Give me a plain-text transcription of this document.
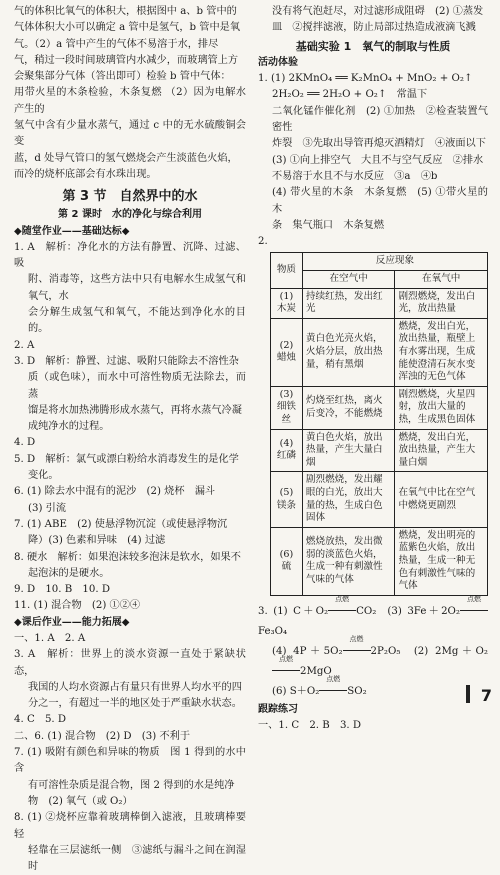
气的体积比氧气的体积大，根据图中 a、b 管中的

气体体积大小可以确定 a 管中是氢气，b 管中是氧

气。（2）a 管中产生的气体不易溶于水，排尽

气，稍过一段时间玻璃管内水减少，而玻璃管上方

会聚集部分气体（答出即可）检验 b 管中气体：

用带火星的木条检验，木条复燃 （2）因为电解水产生的

氢气中含有少量水蒸气，通过 c 中的无水硫酸铜会变

蓝，d 处导气管口的氢气燃烧会产生淡蓝色火焰，

而冷的烧杯底部会有水珠出现。

第 3 节　自然界中的水
第 2 课时　水的净化与综合利用
◆随堂作业——基础达标◆

1. A　解析：净化水的方法有静置、沉降、过滤、吸

附、消毒等，这些方法中只有电解水生成氢气和氧气，水

会分解生成氢气和氧气，不能达到净化水的目的。

2. A

3. D　解析：静置、过滤、吸附只能除去不溶性杂

质（或色味），而水中可溶性物质无法除去，而蒸

馏是将水加热沸腾形成水蒸气，再将水蒸气冷凝

成纯净水的过程。

4. D

5. D　解析：氯气或漂白粉给水消毒发生的是化学

变化。

6. (1) 除去水中混有的泥沙　(2) 烧杯　漏斗

(3) 引流

7. (1) ABE　(2) 使悬浮物沉淀（或使悬浮物沉

降）(3) 色素和异味　(4) 过滤

8. 硬水　解析：如果泡沫较多泡沫是软水，如果不

起泡沫的是硬水。

9. D　10. B　10. D

11. (1) 混合物　(2) ①②④

◆课后作业——能力拓展◆

一、1. A　2. A

3. A　解析：世界上的淡水资源一直处于紧缺状态，

我国的人均水资源占有量只有世界人均水平的四

分之一，有超过一半的地区处于严重缺水状态。

4. C　5. D

二、6. (1) 混合物　(2) D　(3) 不利于

7. (1) 吸附有颜色和异味的物质　图 1 得到的水中含

有可溶性杂质是混合物，图 2 得到的水是纯净

物　(2) 氧气（或 O₂）

8. (1) ②烧杯应靠着玻璃棒倒入滤液，且玻璃棒要轻

轻靠在三层滤纸一侧　③滤纸与漏斗之间在润湿时

没有将气泡赶尽，对过滤形成阻碍　(2) ①蒸发

皿　②搅拌滤液，防止局部过热造成液滴飞溅

基础实验 1　氧气的制取与性质
活动体验

1. (1) 2KMnO₄ ══ K₂MnO₄ + MnO₂ + O₂↑

2H₂O₂ ══ 2H₂O + O₂↑　常温下

二氧化锰作催化剂　(2) ①加热　②检查装置气密性

炸裂　③先取出导管再熄灭酒精灯　④液面以下

(3) ①向上排空气　大且不与空气反应　②排水

不易溶于水且不与水反应　③a　④b

(4) 带火星的木条　木条复燃　(5) ①带火星的木

条　集气瓶口　木条复燃

2.

物质	反应现象	
	在空气中	在氧气中
(1) 木炭	持续红热，发出红光	剧烈燃烧，发出白光，放出热量
(2) 蜡烛	黄白色光亮火焰，火焰分层，放出热量，稍有黑烟	燃烧，发出白光，放出热量，瓶壁上有水雾出现，生成能使澄清石灰水变浑浊的无色气体
(3) 细铁丝	灼烧至红热，离火后变冷，不能燃烧	剧烈燃烧，火星四射，放出大量的热，生成黑色固体
(4) 红磷	黄白色火焰，放出热量，产生大量白烟	燃烧，发出白光，放出热量，产生大量白烟
(5) 镁条	剧烈燃烧，发出耀眼的白光，放出大量的热，生成白色固体	在氧气中比在空气中燃烧更剧烈
(6) 硫	燃烧放热，发出微弱的淡蓝色火焰，生成一种有刺激性气味的气体	燃烧，发出明亮的蓝紫色火焰，放出热量，生成一种无色有刺激性气味的气体

3. (1) C＋O₂
点燃
CO₂ (3) 3Fe＋2O₂
点燃
Fe₃O₄

(4) 4P＋5O₂
点燃
2P₂O₅ (2) 2Mg＋O₂
点燃
2MgO

(6) S＋O₂
点燃
SO₂

跟踪练习

一、1. C　2. B　3. D

7
